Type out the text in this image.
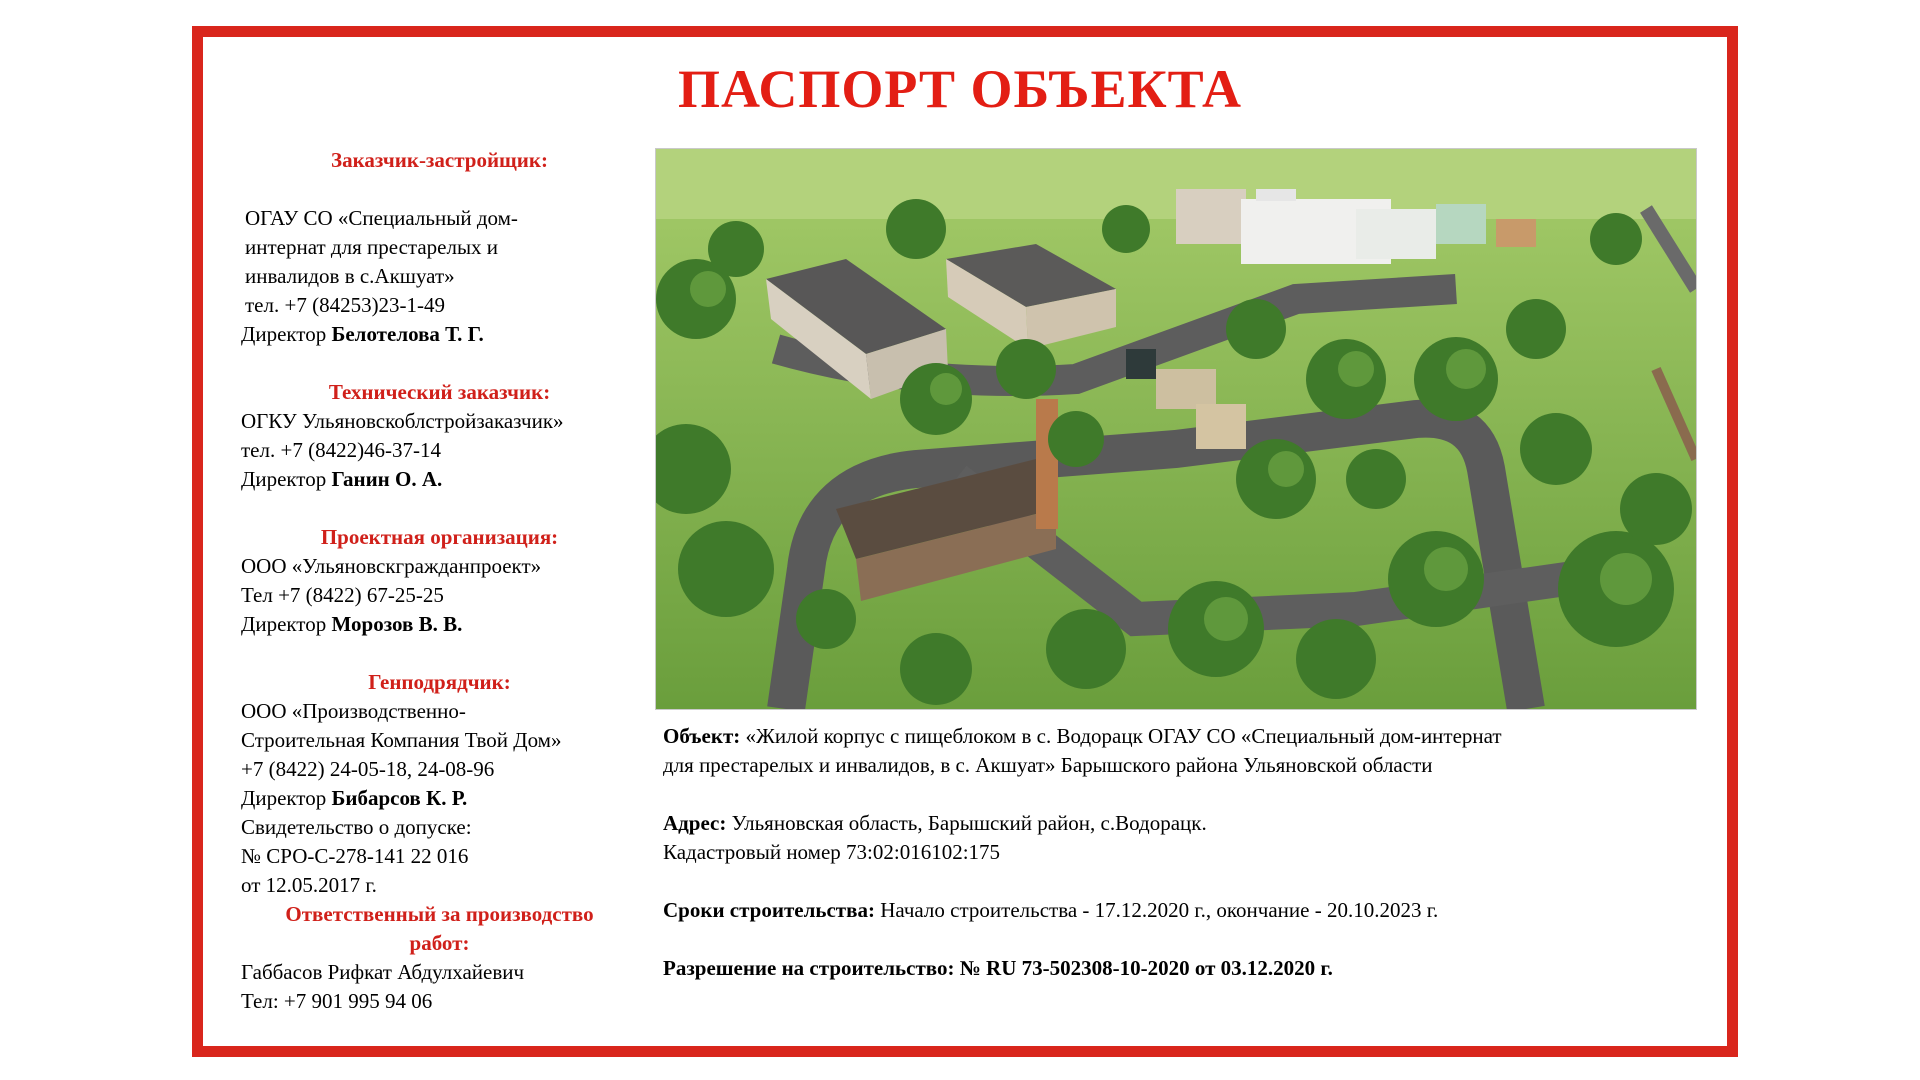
ПАСПОРТ ОБЪЕКТА
Заказчик-застройщик:
ОГАУ СО «Специальный дом-
интернат для престарелых и
инвалидов в с.Акшуат»
тел. +7 (84253)23-1-49
Директор Белотелова Т. Г.
Технический заказчик:
ОГКУ Ульяновскоблстройзаказчик»
тел. +7 (8422)46-37-14
Директор Ганин О. А.
Проектная организация:
ООО «Ульяновскгражданпроект»
Тел +7 (8422) 67-25-25
Директор Морозов В. В.
Генподрядчик:
ООО «Производственно-
Строительная Компания Твой Дом»
+7 (8422) 24-05-18, 24-08-96
Директор Бибарсов К. Р.
Свидетельство о допуске:
№ СРО-С-278-141 22 016
от 12.05.2017 г.
Ответственный за производство
работ:
Габбасов Рифкат Абдулхайевич
Тел: +7 901 995 94 06
Объект: «Жилой корпус с пищеблоком в с. Водорацк ОГАУ СО «Специальный дом-интернат
для престарелых и инвалидов, в с. Акшуат» Барышского района Ульяновской области
Адрес: Ульяновская область, Барышский район, с.Водорацк.
Кадастровый номер 73:02:016102:175
Сроки строительства: Начало строительства - 17.12.2020 г., окончание - 20.10.2023 г.
Разрешение на строительство: № RU 73-502308-10-2020 от 03.12.2020 г.
